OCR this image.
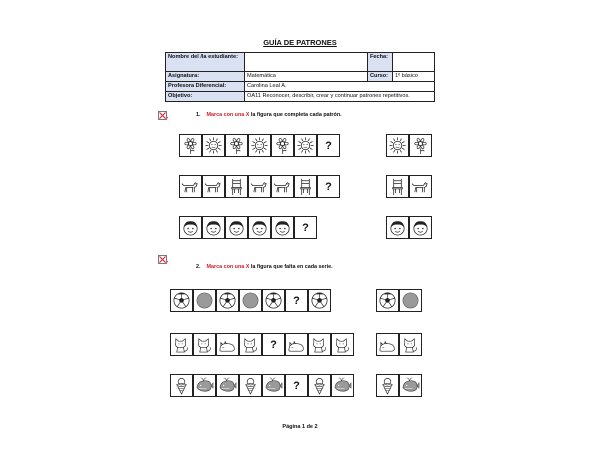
GUÍA DE PATRONES
Nombre del /la estudiante:		Fecha:	
Asignatura:	Matemática	Curso:	1º básico
Profesora Diferencial:	Carolina Leal A.		
Objetivo:	OA11 Reconocer, describir, crear y continuar patrones repetitivos.		
1. Marca con una X la figura que completa cada patrón.
?
?
?
2. Marca con una X la figura que falta en cada serie.
?
?
?
Página 1 de 2
